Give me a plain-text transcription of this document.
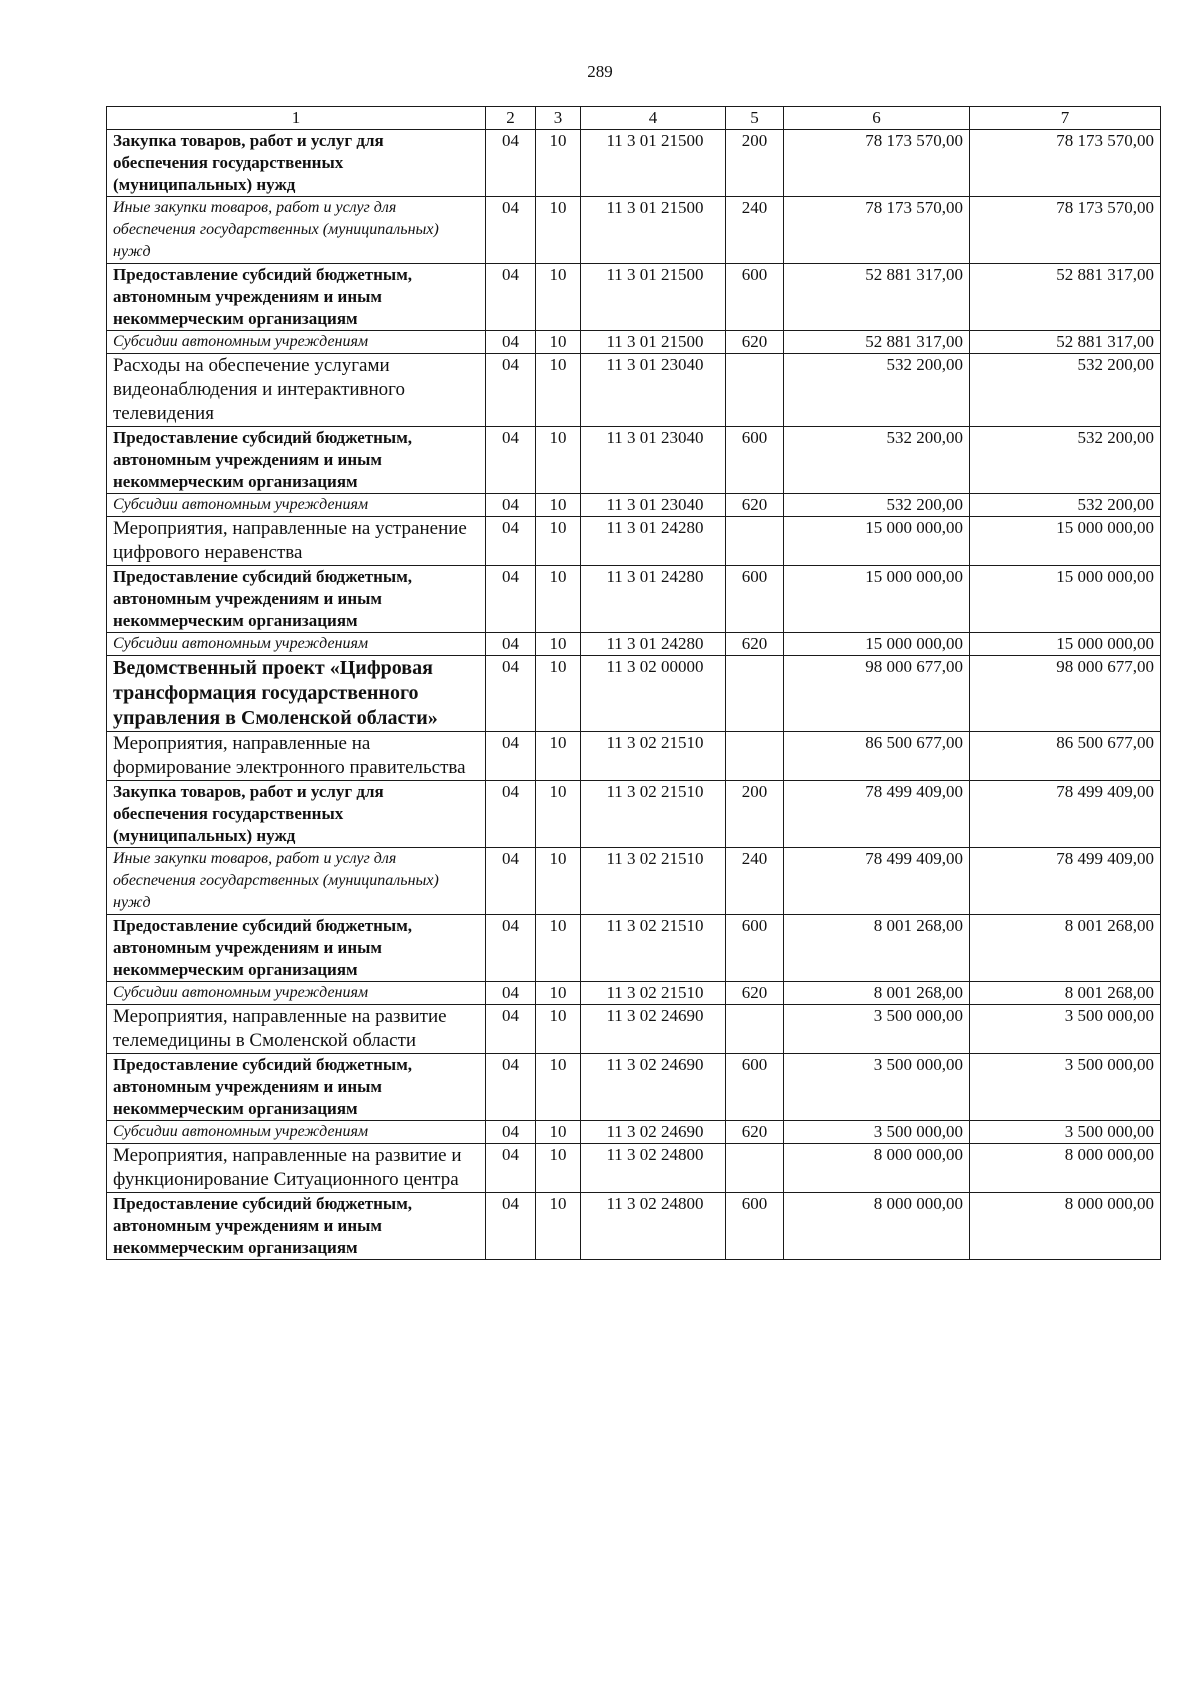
289
1	2	3	4	5	6	7
Закупка товаров, работ и услуг для обеспечения государственных (муниципальных) нужд	04	10	11 3 01 21500	200	78 173 570,00	78 173 570,00
Иные закупки товаров, работ и услуг для обеспечения государственных (муниципальных) нужд	04	10	11 3 01 21500	240	78 173 570,00	78 173 570,00
Предоставление субсидий бюджетным, автономным учреждениям и иным некоммерческим организациям	04	10	11 3 01 21500	600	52 881 317,00	52 881 317,00
Субсидии автономным учреждениям	04	10	11 3 01 21500	620	52 881 317,00	52 881 317,00
Расходы на обеспечение услугами видеонаблюдения и интерактивного телевидения	04	10	11 3 01 23040		532 200,00	532 200,00
Предоставление субсидий бюджетным, автономным учреждениям и иным некоммерческим организациям	04	10	11 3 01 23040	600	532 200,00	532 200,00
Субсидии автономным учреждениям	04	10	11 3 01 23040	620	532 200,00	532 200,00
Мероприятия, направленные на устранение цифрового неравенства	04	10	11 3 01 24280		15 000 000,00	15 000 000,00
Предоставление субсидий бюджетным, автономным учреждениям и иным некоммерческим организациям	04	10	11 3 01 24280	600	15 000 000,00	15 000 000,00
Субсидии автономным учреждениям	04	10	11 3 01 24280	620	15 000 000,00	15 000 000,00
Ведомственный проект «Цифровая трансформация государственного управления в Смоленской области»	04	10	11 3 02 00000		98 000 677,00	98 000 677,00
Мероприятия, направленные на формирование электронного правительства	04	10	11 3 02 21510		86 500 677,00	86 500 677,00
Закупка товаров, работ и услуг для обеспечения государственных (муниципальных) нужд	04	10	11 3 02 21510	200	78 499 409,00	78 499 409,00
Иные закупки товаров, работ и услуг для обеспечения государственных (муниципальных) нужд	04	10	11 3 02 21510	240	78 499 409,00	78 499 409,00
Предоставление субсидий бюджетным, автономным учреждениям и иным некоммерческим организациям	04	10	11 3 02 21510	600	8 001 268,00	8 001 268,00
Субсидии автономным учреждениям	04	10	11 3 02 21510	620	8 001 268,00	8 001 268,00
Мероприятия, направленные на развитие телемедицины в Смоленской области	04	10	11 3 02 24690		3 500 000,00	3 500 000,00
Предоставление субсидий бюджетным, автономным учреждениям и иным некоммерческим организациям	04	10	11 3 02 24690	600	3 500 000,00	3 500 000,00
Субсидии автономным учреждениям	04	10	11 3 02 24690	620	3 500 000,00	3 500 000,00
Мероприятия, направленные на развитие и функционирование Ситуационного центра	04	10	11 3 02 24800		8 000 000,00	8 000 000,00
Предоставление субсидий бюджетным, автономным учреждениям и иным некоммерческим организациям	04	10	11 3 02 24800	600	8 000 000,00	8 000 000,00
